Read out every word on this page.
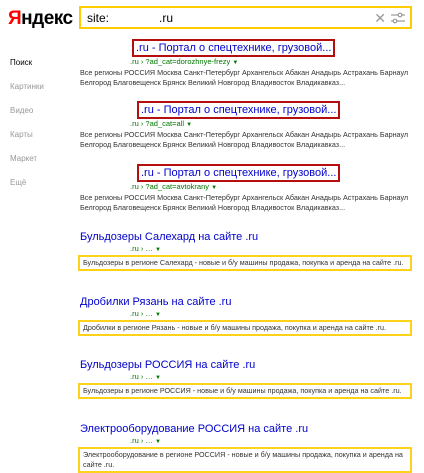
Яндекс
site: .ru	✕
Поиск
Картинки
Видео
Карты
Маркет
Ещё
.ru - Портал о спецтехнике, грузовой...
.ru › ?ad_cat=dorozhnye-frezy ▼
Все регионы РОССИЯ Москва Санкт-Петербург Архангельск Абакан Анадырь Астрахань Барнаул Белгород Благовещенск Брянск Великий Новгород Владивосток Владикавказ...
.ru - Портал о спецтехнике, грузовой...
.ru › ?ad_cat=all ▼
Все регионы РОССИЯ Москва Санкт-Петербург Архангельск Абакан Анадырь Астрахань Барнаул Белгород Благовещенск Брянск Великий Новгород Владивосток Владикавказ...
.ru - Портал о спецтехнике, грузовой...
.ru › ?ad_cat=avtokrany ▼
Все регионы РОССИЯ Москва Санкт-Петербург Архангельск Абакан Анадырь Астрахань Барнаул Белгород Благовещенск Брянск Великий Новгород Владивосток Владикавказ...
Бульдозеры Салехард на сайте .ru
.ru › … ▼
Бульдозеры в регионе Салехард - новые и б/у машины продажа, покупка и аренда на сайте .ru.
Дробилки Рязань на сайте .ru
.ru › … ▼
Дробилки в регионе Рязань - новые и б/у машины продажа, покупка и аренда на сайте .ru.
Бульдозеры РОССИЯ на сайте .ru
.ru › … ▼
Бульдозеры в регионе РОССИЯ - новые и б/у машины продажа, покупка и аренда на сайте .ru.
Электрооборудование РОССИЯ на сайте .ru
.ru › … ▼
Электрооборудование в регионе РОССИЯ - новые и б/у машины продажа, покупка и аренда на сайте .ru.
